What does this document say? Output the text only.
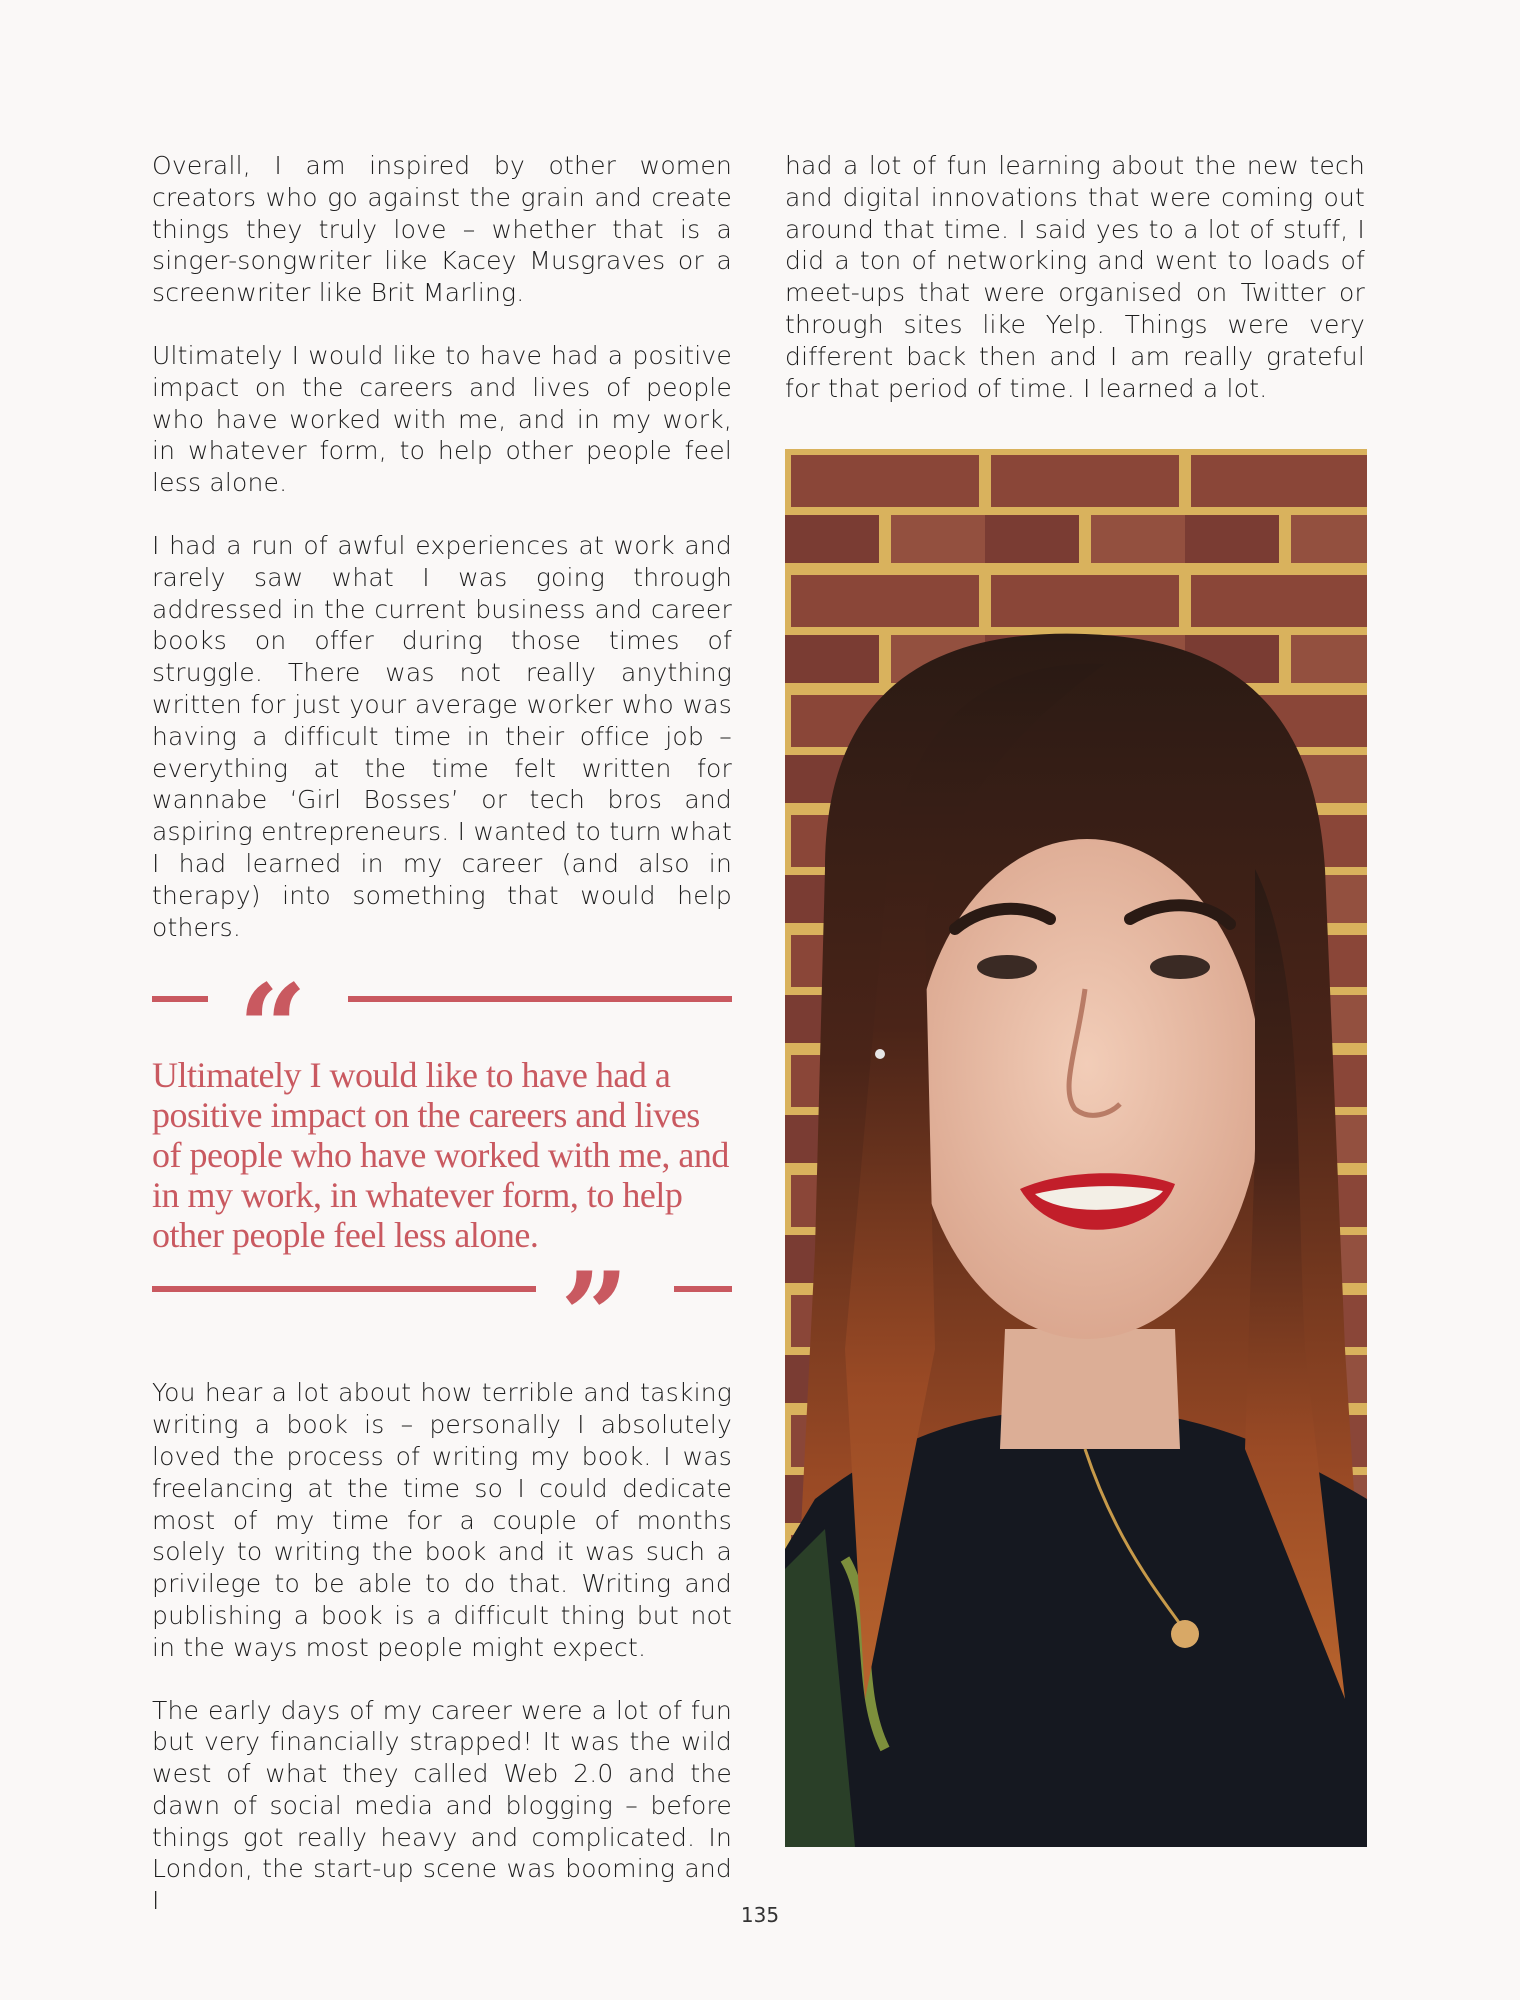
Overall, I am inspired by other women creators who go against the grain and create things they truly love – whether that is a singer-songwriter like Kacey Musgraves or a screenwriter like Brit Marling.

Ultimately I would like to have had a positive impact on the careers and lives of people who have worked with me, and in my work, in whatever form, to help other people feel less alone.

I had a run of awful experiences at work and rarely saw what I was going through addressed in the current business and career books on offer during those times of struggle. There was not really anything written for just your average worker who was having a difficult time in their office job – everything at the time felt written for wannabe ‘Girl Bosses’ or tech bros and aspiring entrepreneurs. I wanted to turn what I had learned in my career (and also in therapy) into something that would help others.

“
Ultimately I would like to have had a positive impact on the careers and lives of people who have worked with me, and in my work, in whatever form, to help other people feel less alone.
”

You hear a lot about how terrible and tasking writing a book is – personally I absolutely loved the process of writing my book. I was freelancing at the time so I could dedicate most of my time for a couple of months solely to writing the book and it was such a privilege to be able to do that. Writing and publishing a book is a difficult thing but not in the ways most people might expect.

The early days of my career were a lot of fun but very financially strapped! It was the wild west of what they called Web 2.0 and the dawn of social media and blogging – before things got really heavy and complicated. In London, the start-up scene was booming and I

had a lot of fun learning about the new tech and digital innovations that were coming out around that time. I said yes to a lot of stuff, I did a ton of networking and went to loads of meet-ups that were organised on Twitter or through sites like Yelp. Things were very different back then and I am really grateful for that period of time. I learned a lot.

135
